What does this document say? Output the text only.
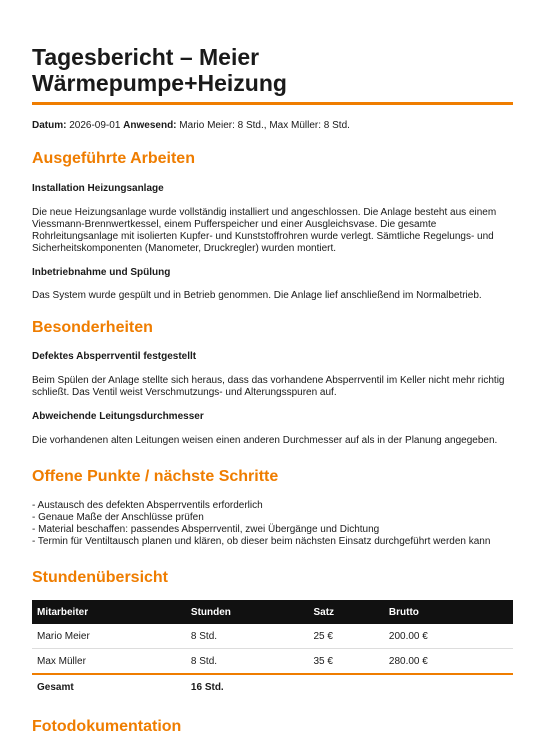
Tagesbericht – Meier Wärmepumpe+Heizung
Datum: 2026-09-01 Anwesend: Mario Meier: 8 Std., Max Müller: 8 Std.
Ausgeführte Arbeiten
Installation Heizungsanlage

Die neue Heizungsanlage wurde vollständig installiert und angeschlossen. Die Anlage besteht aus einem Viessmann-Brennwertkessel, einem Pufferspeicher und einer Ausgleichsvase. Die gesamte Rohrleitungsanlage mit isolierten Kupfer- und Kunststoffrohren wurde verlegt. Sämtliche Regelungs- und Sicherheitskomponenten (Manometer, Druckregler) wurden montiert.

Inbetriebnahme und Spülung

Das System wurde gespült und in Betrieb genommen. Die Anlage lief anschließend im Normalbetrieb.

Besonderheiten
Defektes Absperrventil festgestellt

Beim Spülen der Anlage stellte sich heraus, dass das vorhandene Absperrventil im Keller nicht mehr richtig schließt. Das Ventil weist Verschmutzungs- und Alterungsspuren auf.

Abweichende Leitungsdurchmesser

Die vorhandenen alten Leitungen weisen einen anderen Durchmesser auf als in der Planung angegeben.

Offene Punkte / nächste Schritte
- Austausch des defekten Absperrventils erforderlich
- Genaue Maße der Anschlüsse prüfen
- Material beschaffen: passendes Absperrventil, zwei Übergänge und Dichtung
- Termin für Ventiltausch planen und klären, ob dieser beim nächsten Einsatz durchgeführt werden kann
Stundenübersicht
Mitarbeiter	Stunden	Satz	Brutto
Mario Meier	8 Std.	25 €	200.00 €
Max Müller	8 Std.	35 €	280.00 €
Gesamt	16 Std.		
Fotodokumentation
